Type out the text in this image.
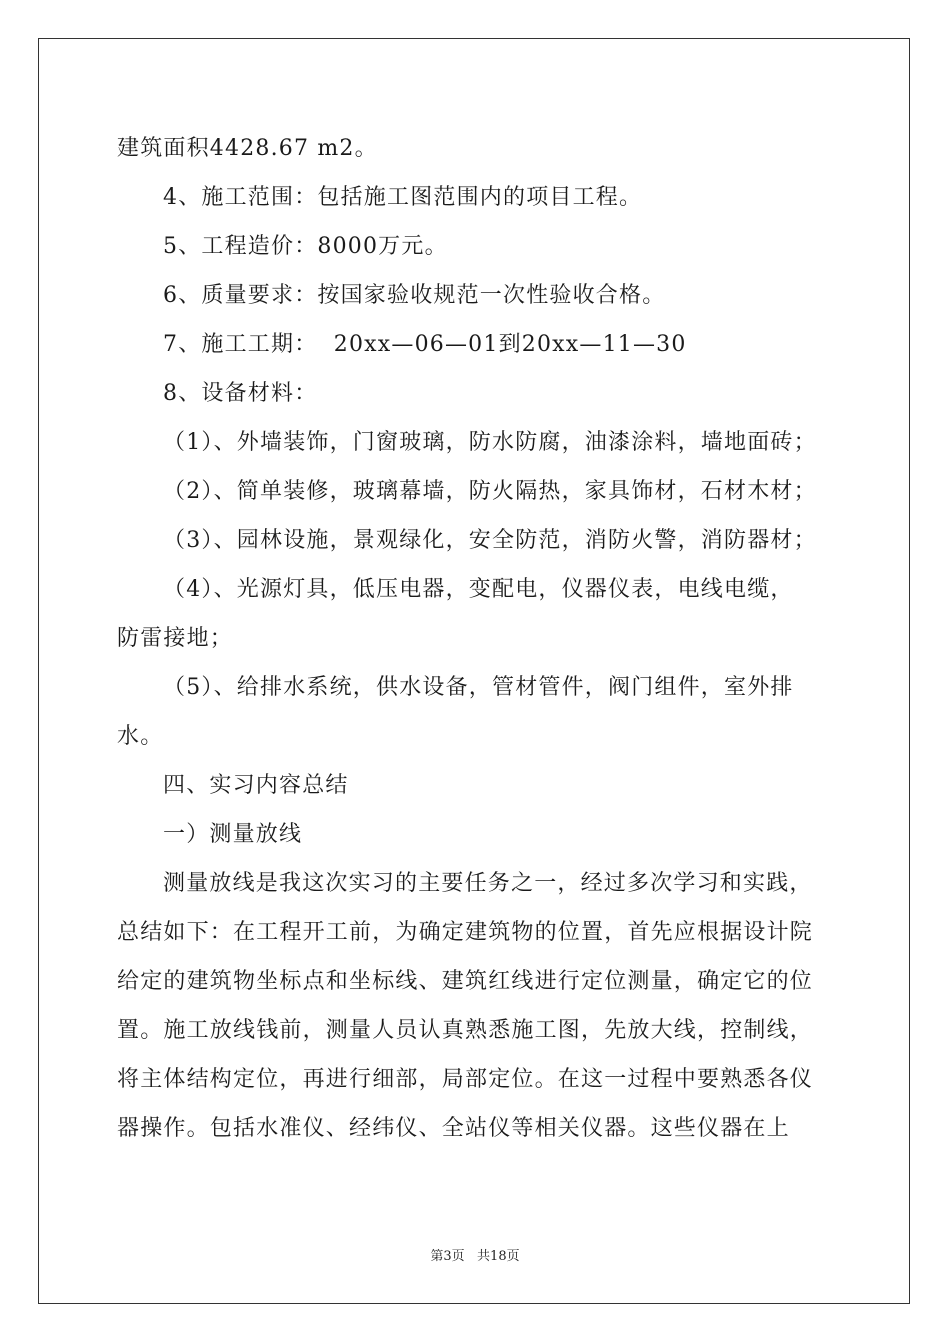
建筑面积4428.67 m2。
4、施工范围：包括施工图范围内的项目工程。
5、工程造价：8000万元。
6、质量要求：按国家验收规范一次性验收合格。
7、施工工期：  20xx—06—01到20xx—11—30
8、设备材料：
（1）、外墙装饰，门窗玻璃，防水防腐，油漆涂料，墙地面砖；
（2）、简单装修，玻璃幕墙，防火隔热，家具饰材，石材木材；
（3）、园林设施，景观绿化，安全防范，消防火警，消防器材；
（4）、光源灯具，低压电器，变配电，仪器仪表，电线电缆，
防雷接地；
（5）、给排水系统，供水设备，管材管件，阀门组件，室外排
水。
四、实习内容总结
一）测量放线
测量放线是我这次实习的主要任务之一，经过多次学习和实践，
总结如下：在工程开工前，为确定建筑物的位置，首先应根据设计院
给定的建筑物坐标点和坐标线、建筑红线进行定位测量，确定它的位
置。施工放线钱前，测量人员认真熟悉施工图，先放大线，控制线，
将主体结构定位，再进行细部，局部定位。在这一过程中要熟悉各仪
器操作。包括水准仪、经纬仪、全站仪等相关仪器。这些仪器在上
第3页   共18页
